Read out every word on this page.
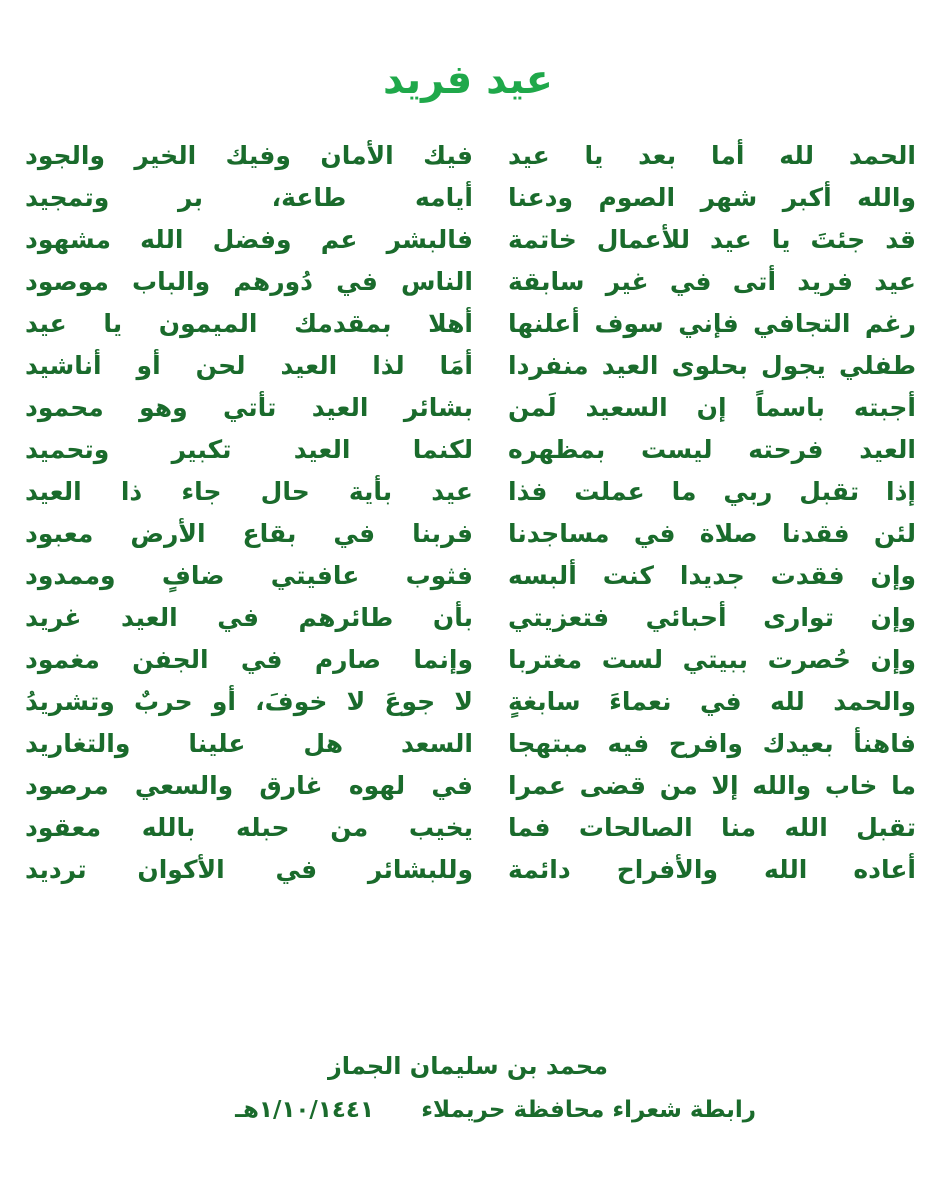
عيد فريد
الحمد لله أما بعد يا عيد
والله أكبر شهر الصوم ودعنا
قد جئتَ يا عيد للأعمال خاتمة
عيد فريد أتى في غير سابقة
رغم التجافي فإني سوف أعلنها
طفلي يجول بحلوى العيد منفردا
أجبته باسماً إن السعيد لَمن
العيد فرحته ليست بمظهره
إذا تقبل ربي ما عملت فذا
لئن فقدنا صلاة في مساجدنا
وإن فقدت جديدا كنت ألبسه
وإن توارى أحبائي فتعزيتي
وإن حُصرت ببيتي لست مغتربا
والحمد لله في نعماءَ سابغةٍ
فاهنأ بعيدك وافرح فيه مبتهجا
ما خاب والله إلا من قضى عمرا
تقبل الله منا الصالحات فما
أعاده الله والأفراح دائمة
فيك الأمان وفيك الخير والجود
أيامه طاعة، بر وتمجيد
فالبشر عم وفضل الله مشهود
الناس في دُورهم والباب موصود
أهلا بمقدمك الميمون يا عيد
أمَا لذا العيد لحن أو أناشيد
بشائر العيد تأتي وهو محمود
لكنما العيد تكبير وتحميد
عيد بأية حال جاء ذا العيد
فربنا في بقاع الأرض معبود
فثوب عافيتي ضافٍ وممدود
بأن طائرهم في العيد غريد
وإنما صارم في الجفن مغمود
لا جوعَ لا خوفَ، أو حربٌ وتشريدُ
السعد هل علينا والتغاريد
في لهوه غارق والسعي مرصود
يخيب من حبله بالله معقود
وللبشائر في الأكوان ترديد
محمد بن سليمان الجماز
رابطة شعراء محافظة حريملاء
١/١٠/١٤٤١هـ
